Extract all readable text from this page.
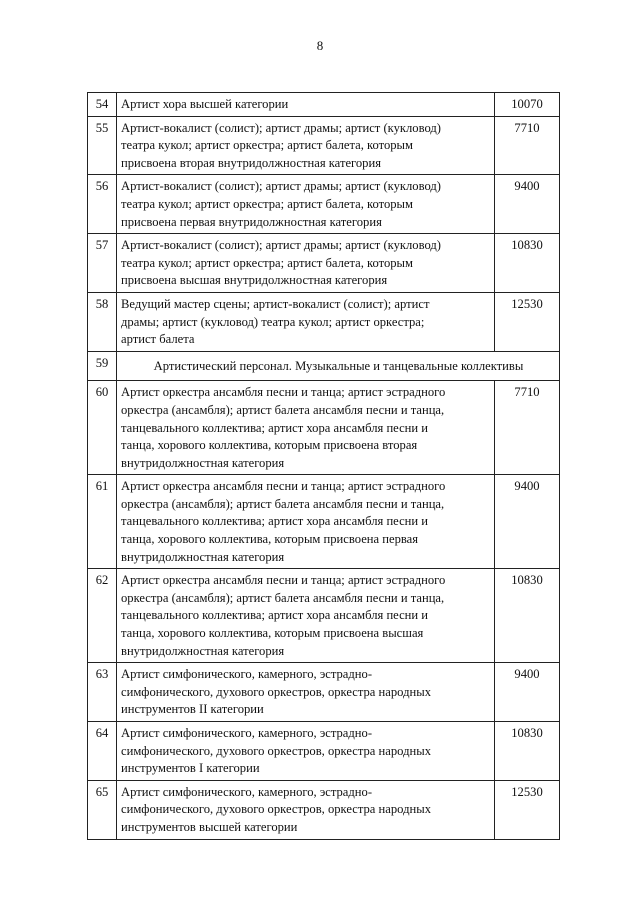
8
54	Артист хора высшей категории	10070
55	Артист-вокалист (солист); артист драмы; артист (кукловод)
театра кукол; артист оркестра; артист балета, которым
присвоена вторая внутридолжностная категория	7710
56	Артист-вокалист (солист); артист драмы; артист (кукловод)
театра кукол; артист оркестра; артист балета, которым
присвоена первая внутридолжностная категория	9400
57	Артист-вокалист (солист); артист драмы; артист (кукловод)
театра кукол; артист оркестра; артист балета, которым
присвоена высшая внутридолжностная категория	10830
58	Ведущий мастер сцены; артист-вокалист (солист); артист
драмы; артист (кукловод) театра кукол; артист оркестра;
артист балета	12530
59	Артистический персонал. Музыкальные и танцевальные коллективы	
60	Артист оркестра ансамбля песни и танца; артист эстрадного
оркестра (ансамбля); артист балета ансамбля песни и танца,
танцевального коллектива; артист хора ансамбля песни и
танца, хорового коллектива, которым присвоена вторая
внутридолжностная категория	7710
61	Артист оркестра ансамбля песни и танца; артист эстрадного
оркестра (ансамбля); артист балета ансамбля песни и танца,
танцевального коллектива; артист хора ансамбля песни и
танца, хорового коллектива, которым присвоена первая
внутридолжностная категория	9400
62	Артист оркестра ансамбля песни и танца; артист эстрадного
оркестра (ансамбля); артист балета ансамбля песни и танца,
танцевального коллектива; артист хора ансамбля песни и
танца, хорового коллектива, которым присвоена высшая
внутридолжностная категория	10830
63	Артист симфонического, камерного, эстрадно-
симфонического, духового оркестров, оркестра народных
инструментов II категории	9400
64	Артист симфонического, камерного, эстрадно-
симфонического, духового оркестров, оркестра народных
инструментов I категории	10830
65	Артист симфонического, камерного, эстрадно-
симфонического, духового оркестров, оркестра народных
инструментов высшей категории	12530
